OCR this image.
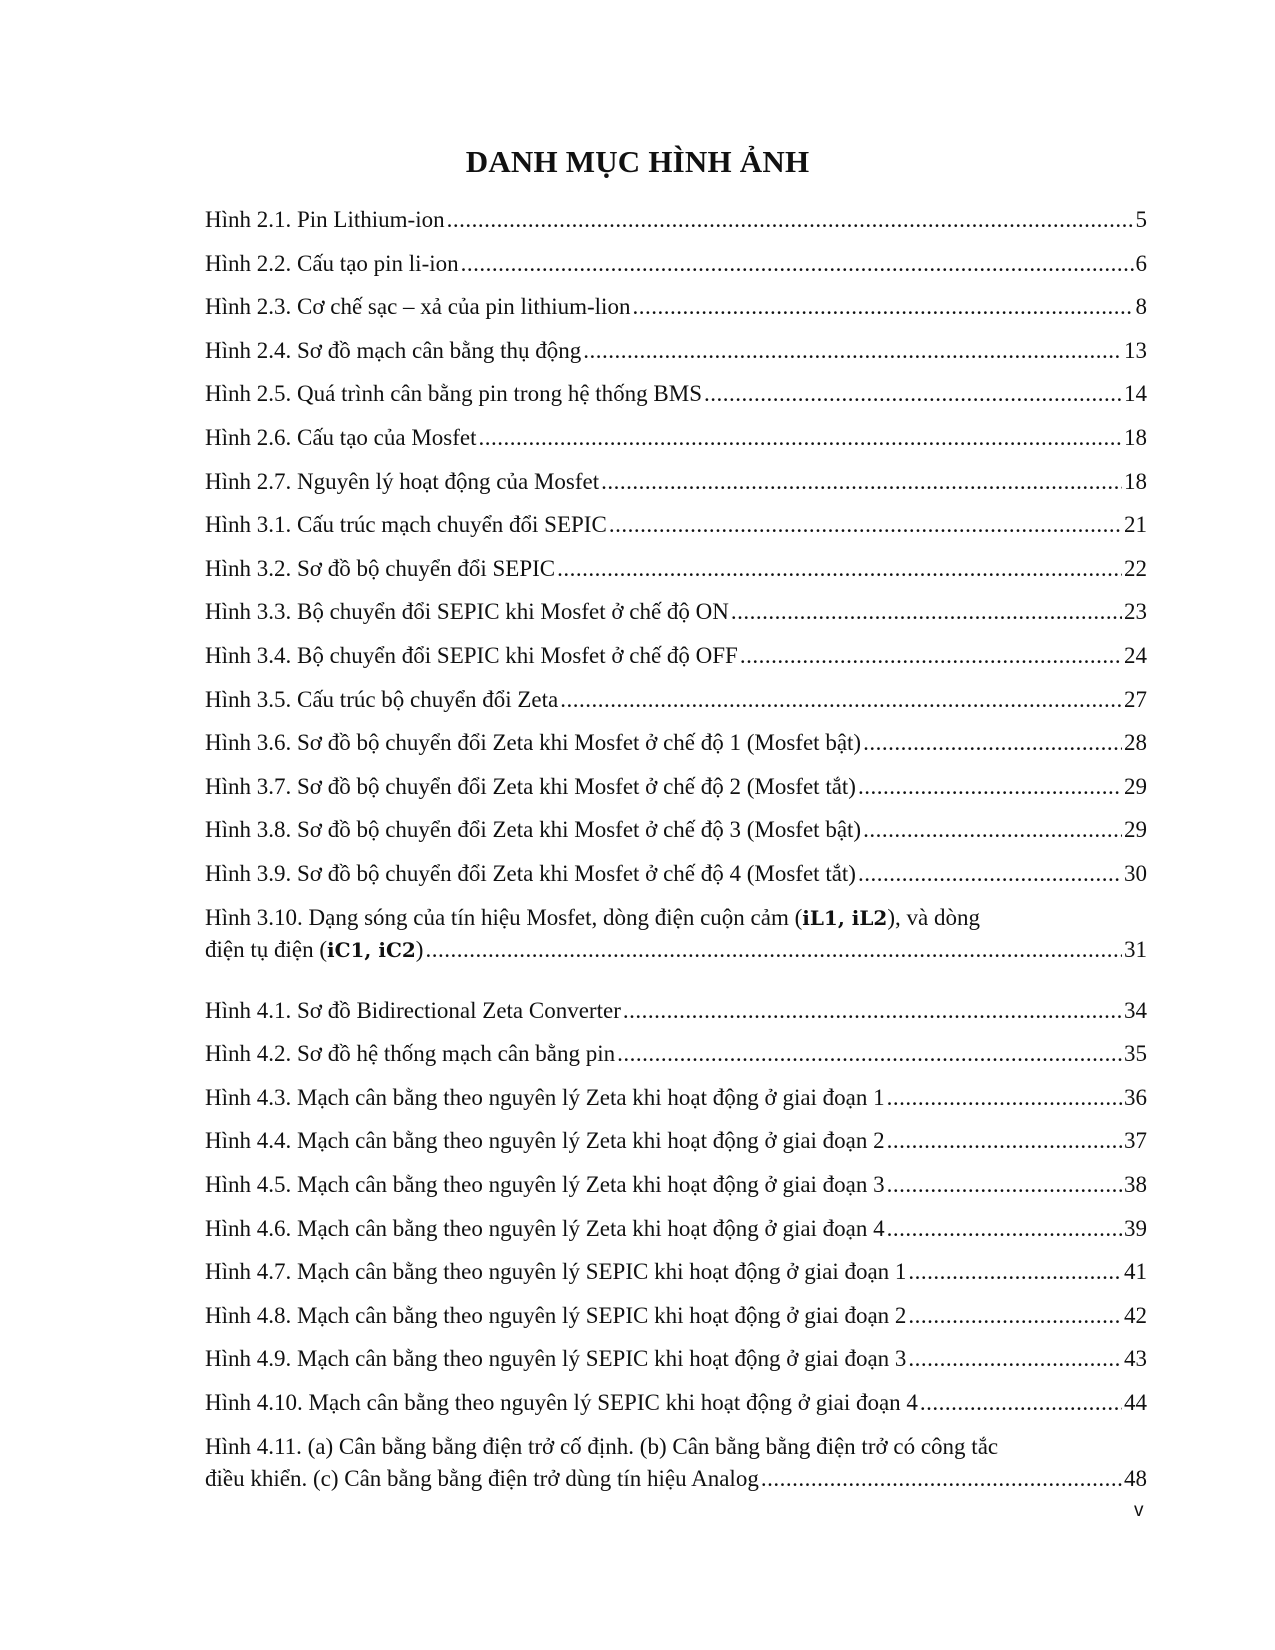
DANH MỤC HÌNH ẢNH
Hình 2.1. Pin Lithium-ion .....	5
Hình 2.2. Cấu tạo pin li-ion .....	6
Hình 2.3. Cơ chế sạc – xả của pin lithium-lion .....	8
Hình 2.4. Sơ đồ mạch cân bằng thụ động .....	13
Hình 2.5. Quá trình cân bằng pin trong hệ thống BMS .....	14
Hình 2.6. Cấu tạo của Mosfet .....	18
Hình 2.7. Nguyên lý hoạt động của Mosfet .....	18
Hình 3.1. Cấu trúc mạch chuyển đổi SEPIC .....	21
Hình 3.2. Sơ đồ bộ chuyển đổi SEPIC .....	22
Hình 3.3. Bộ chuyển đổi SEPIC khi Mosfet ở chế độ ON .....	23
Hình 3.4. Bộ chuyển đổi SEPIC khi Mosfet ở chế độ OFF .....	24
Hình 3.5. Cấu trúc bộ chuyển đổi Zeta .....	27
Hình 3.6. Sơ đồ bộ chuyển đổi Zeta khi Mosfet ở chế độ 1 (Mosfet bật) .....	28
Hình 3.7. Sơ đồ bộ chuyển đổi Zeta khi Mosfet ở chế độ 2 (Mosfet tắt) .....	29
Hình 3.8. Sơ đồ bộ chuyển đổi Zeta khi Mosfet ở chế độ 3 (Mosfet bật) .....	29
Hình 3.9. Sơ đồ bộ chuyển đổi Zeta khi Mosfet ở chế độ 4 (Mosfet tắt) .....	30
Hình 3.10. Dạng sóng của tín hiệu Mosfet, dòng điện cuộn cảm (iL1, iL2), và dòng
điện tụ điện (iC1, iC2) .....	31
Hình 4.1. Sơ đồ Bidirectional Zeta Converter .....	34
Hình 4.2. Sơ đồ hệ thống mạch cân bằng pin .....	35
Hình 4.3. Mạch cân bằng theo nguyên lý Zeta khi hoạt động ở giai đoạn 1 .....	36
Hình 4.4. Mạch cân bằng theo nguyên lý Zeta khi hoạt động ở giai đoạn 2 .....	37
Hình 4.5. Mạch cân bằng theo nguyên lý Zeta khi hoạt động ở giai đoạn 3 .....	38
Hình 4.6. Mạch cân bằng theo nguyên lý Zeta khi hoạt động ở giai đoạn 4 .....	39
Hình 4.7. Mạch cân bằng theo nguyên lý SEPIC khi hoạt động ở giai đoạn 1 .....	41
Hình 4.8. Mạch cân bằng theo nguyên lý SEPIC khi hoạt động ở giai đoạn 2 .....	42
Hình 4.9. Mạch cân bằng theo nguyên lý SEPIC khi hoạt động ở giai đoạn 3 .....	43
Hình 4.10. Mạch cân bằng theo nguyên lý SEPIC khi hoạt động ở giai đoạn 4 .....	44
Hình 4.11. (a) Cân bằng bằng điện trở cố định. (b) Cân bằng bằng điện trở có công tắc
điều khiển. (c) Cân bằng bằng điện trở dùng tín hiệu Analog .....	48
v
